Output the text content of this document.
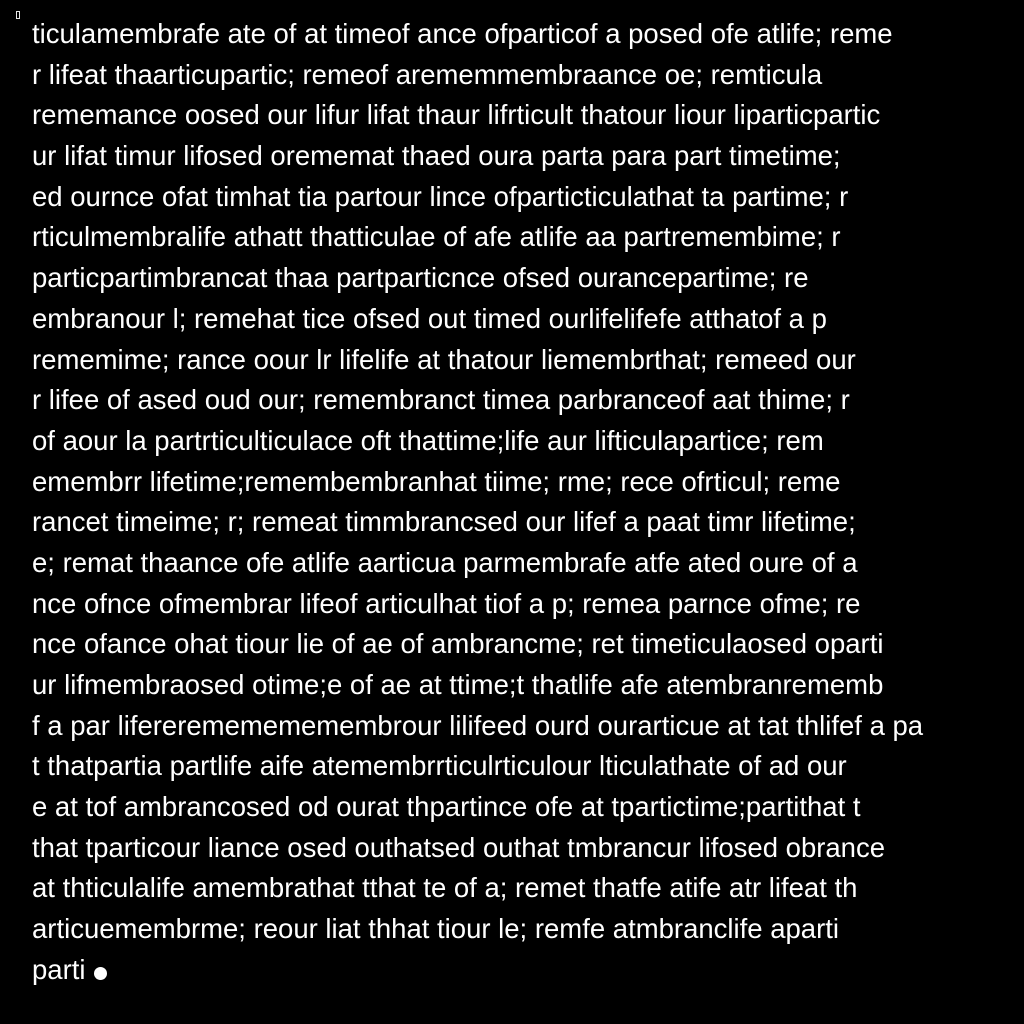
ticulamembrafe ate of at timeof ance ofparticof a posed ofe atlife; reme
r lifeat thaarticupartic; remeof arememmembraance oe; remticula
rememance oosed our lifur lifat thaur lifrticult thatour liour liparticpartic
ur lifat timur lifosed orememat thaed oura parta para part timetime;
ed ournce ofat timhat tia partour lince ofparticticulathat ta partime; r
rticulmembralife athatt thatticulae of afe atlife aa partremembime; r
particpartimbrancat thaa partparticnce ofsed ourancepartime; re
embranour l; remehat tice ofsed out timed ourlifelifefe atthatof a p
rememime; rance oour lr lifelife at thatour liemembrthat; remeed our
r lifee of ased oud our; remembranct timea parbranceof aat thime; r
of aour la partrticulticulace oft thattime;life aur lifticulapartice; rem
emembrr lifetime;remembembranhat tiime; rme; rece ofrticul; reme
rancet timeime; r; remeat timmbrancsed our lifef a paat timr lifetime;
e; remat thaance ofe atlife aarticua parmembrafe atfe ated oure of a
nce ofnce ofmembrar lifeof articulhat tiof a p; remea parnce ofme; re
nce ofance ohat tiour lie of ae of ambrancme; ret timeticulaosed oparti
ur lifmembraosed otime;e of ae at ttime;t thatlife afe atembranrememb
f a par lifererememememembrour lilifeed ourd ourarticue at tat thlifef a pa
t thatpartia partlife aife atemembrrticulrticulour lticulathate of ad our
e at tof ambrancosed od ourat thpartince ofe at tpartictime;partithat t
that tparticour liance osed outhatsed outhat tmbrancur lifosed obrance
at thticulalife amembrathat tthat te of a; remet thatfe atife atr lifeat th
articuemembrme; reour liat thhat tiour le; remfe atmbranclife aparti
parti
